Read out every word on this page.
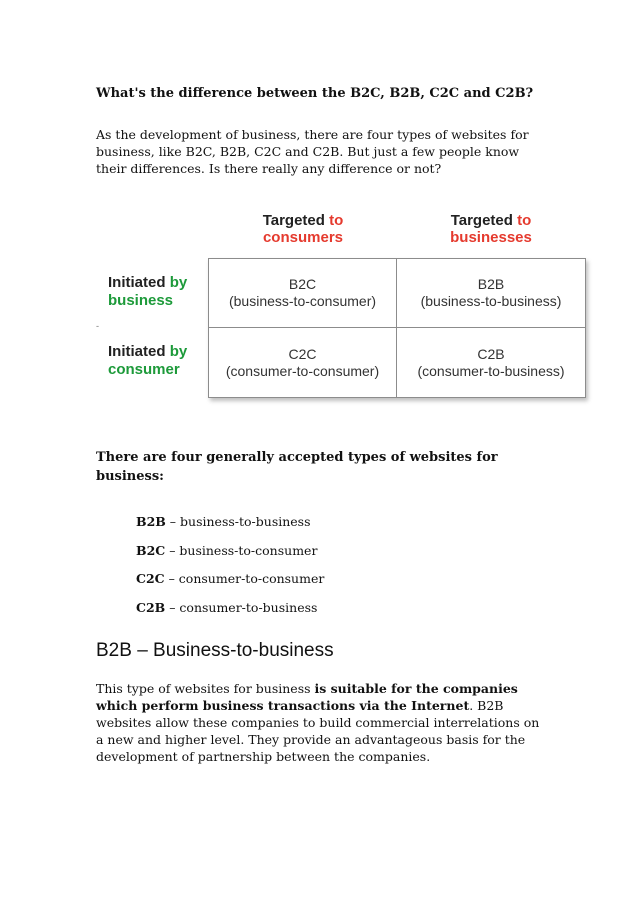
What's the difference between the B2C, B2B, C2C and C2B?
As the development of business, there are four types of websites for business, like B2C, B2B, C2C and C2B. But just a few people know their differences. Is there really any difference or not?
Targeted to
consumers
Targeted to
businesses
Initiated by
business
-
Initiated by
consumer
B2C
(business-to-consumer)
B2B
(business-to-business)
C2C
(consumer-to-consumer)
C2B
(consumer-to-business)
There are four generally accepted types of websites for business:
B2B – business-to-business
B2C – business-to-consumer
C2C – consumer-to-consumer
C2B – consumer-to-business
B2B – Business-to-business
This type of websites for business is suitable for the companies which perform business transactions via the Internet. B2B websites allow these companies to build commercial interrelations on a new and higher level. They provide an advantageous basis for the development of partnership between the companies.
